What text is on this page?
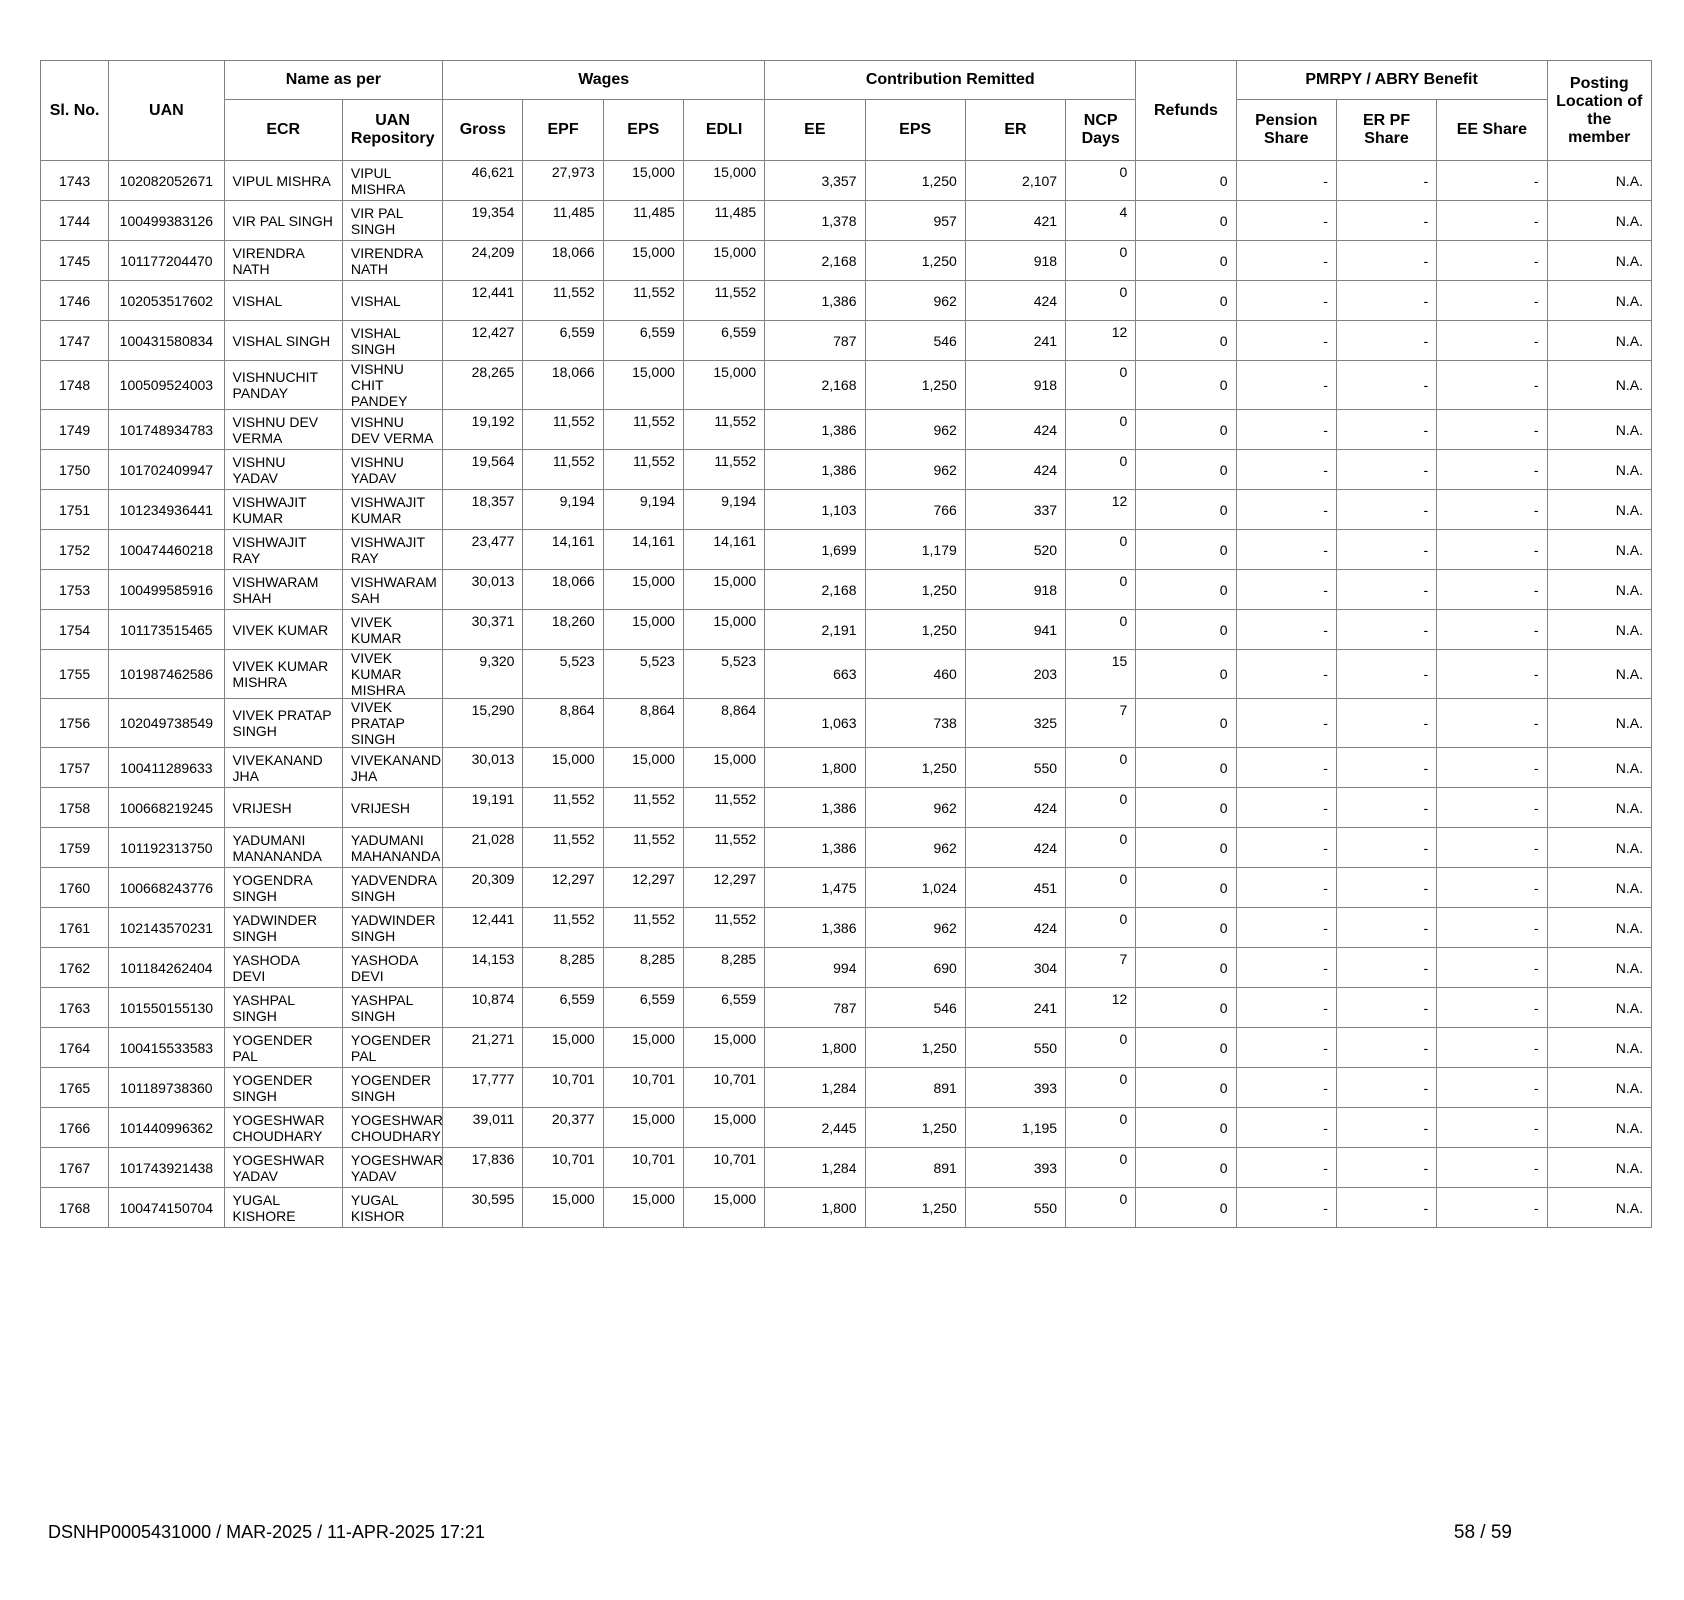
Sl. No.	UAN	Name as per		Wages				Contribution Remitted				Refunds	PMRPY / ABRY Benefit			Posting Location of the member
		ECR	UAN Repository	Gross	EPF	EPS	EDLI	EE	EPS	ER	NCP Days		Pension Share	ER PF Share	EE Share	
1743	102082052671	VIPUL MISHRA	VIPUL MISHRA	46,621	27,973	15,000	15,000	3,357	1,250	2,107	0	0	-	-	-	N.A.
1744	100499383126	VIR PAL SINGH	VIR PAL SINGH	19,354	11,485	11,485	11,485	1,378	957	421	4	0	-	-	-	N.A.
1745	101177204470	VIRENDRA NATH	VIRENDRA NATH	24,209	18,066	15,000	15,000	2,168	1,250	918	0	0	-	-	-	N.A.
1746	102053517602	VISHAL	VISHAL	12,441	11,552	11,552	11,552	1,386	962	424	0	0	-	-	-	N.A.
1747	100431580834	VISHAL SINGH	VISHAL SINGH	12,427	6,559	6,559	6,559	787	546	241	12	0	-	-	-	N.A.
1748	100509524003	VISHNUCHIT PANDAY	VISHNU CHIT PANDEY	28,265	18,066	15,000	15,000	2,168	1,250	918	0	0	-	-	-	N.A.
1749	101748934783	VISHNU DEV VERMA	VISHNU DEV VERMA	19,192	11,552	11,552	11,552	1,386	962	424	0	0	-	-	-	N.A.
1750	101702409947	VISHNU YADAV	VISHNU YADAV	19,564	11,552	11,552	11,552	1,386	962	424	0	0	-	-	-	N.A.
1751	101234936441	VISHWAJIT KUMAR	VISHWAJIT KUMAR	18,357	9,194	9,194	9,194	1,103	766	337	12	0	-	-	-	N.A.
1752	100474460218	VISHWAJIT RAY	VISHWAJIT RAY	23,477	14,161	14,161	14,161	1,699	1,179	520	0	0	-	-	-	N.A.
1753	100499585916	VISHWARAM SHAH	VISHWARAM SAH	30,013	18,066	15,000	15,000	2,168	1,250	918	0	0	-	-	-	N.A.
1754	101173515465	VIVEK KUMAR	VIVEK KUMAR	30,371	18,260	15,000	15,000	2,191	1,250	941	0	0	-	-	-	N.A.
1755	101987462586	VIVEK KUMAR MISHRA	VIVEK KUMAR MISHRA	9,320	5,523	5,523	5,523	663	460	203	15	0	-	-	-	N.A.
1756	102049738549	VIVEK PRATAP SINGH	VIVEK PRATAP SINGH	15,290	8,864	8,864	8,864	1,063	738	325	7	0	-	-	-	N.A.
1757	100411289633	VIVEKANAND JHA	VIVEKANAND JHA	30,013	15,000	15,000	15,000	1,800	1,250	550	0	0	-	-	-	N.A.
1758	100668219245	VRIJESH	VRIJESH	19,191	11,552	11,552	11,552	1,386	962	424	0	0	-	-	-	N.A.
1759	101192313750	YADUMANI MANANANDA	YADUMANI MAHANANDA	21,028	11,552	11,552	11,552	1,386	962	424	0	0	-	-	-	N.A.
1760	100668243776	YOGENDRA SINGH	YADVENDRA SINGH	20,309	12,297	12,297	12,297	1,475	1,024	451	0	0	-	-	-	N.A.
1761	102143570231	YADWINDER SINGH	YADWINDER SINGH	12,441	11,552	11,552	11,552	1,386	962	424	0	0	-	-	-	N.A.
1762	101184262404	YASHODA DEVI	YASHODA DEVI	14,153	8,285	8,285	8,285	994	690	304	7	0	-	-	-	N.A.
1763	101550155130	YASHPAL SINGH	YASHPAL SINGH	10,874	6,559	6,559	6,559	787	546	241	12	0	-	-	-	N.A.
1764	100415533583	YOGENDER PAL	YOGENDER PAL	21,271	15,000	15,000	15,000	1,800	1,250	550	0	0	-	-	-	N.A.
1765	101189738360	YOGENDER SINGH	YOGENDER SINGH	17,777	10,701	10,701	10,701	1,284	891	393	0	0	-	-	-	N.A.
1766	101440996362	YOGESHWAR CHOUDHARY	YOGESHWAR CHOUDHARY	39,011	20,377	15,000	15,000	2,445	1,250	1,195	0	0	-	-	-	N.A.
1767	101743921438	YOGESHWAR YADAV	YOGESHWAR YADAV	17,836	10,701	10,701	10,701	1,284	891	393	0	0	-	-	-	N.A.
1768	100474150704	YUGAL KISHORE	YUGAL KISHOR	30,595	15,000	15,000	15,000	1,800	1,250	550	0	0	-	-	-	N.A.
DSNHP0005431000 / MAR-2025 / 11-APR-2025 17:21	58 / 59
